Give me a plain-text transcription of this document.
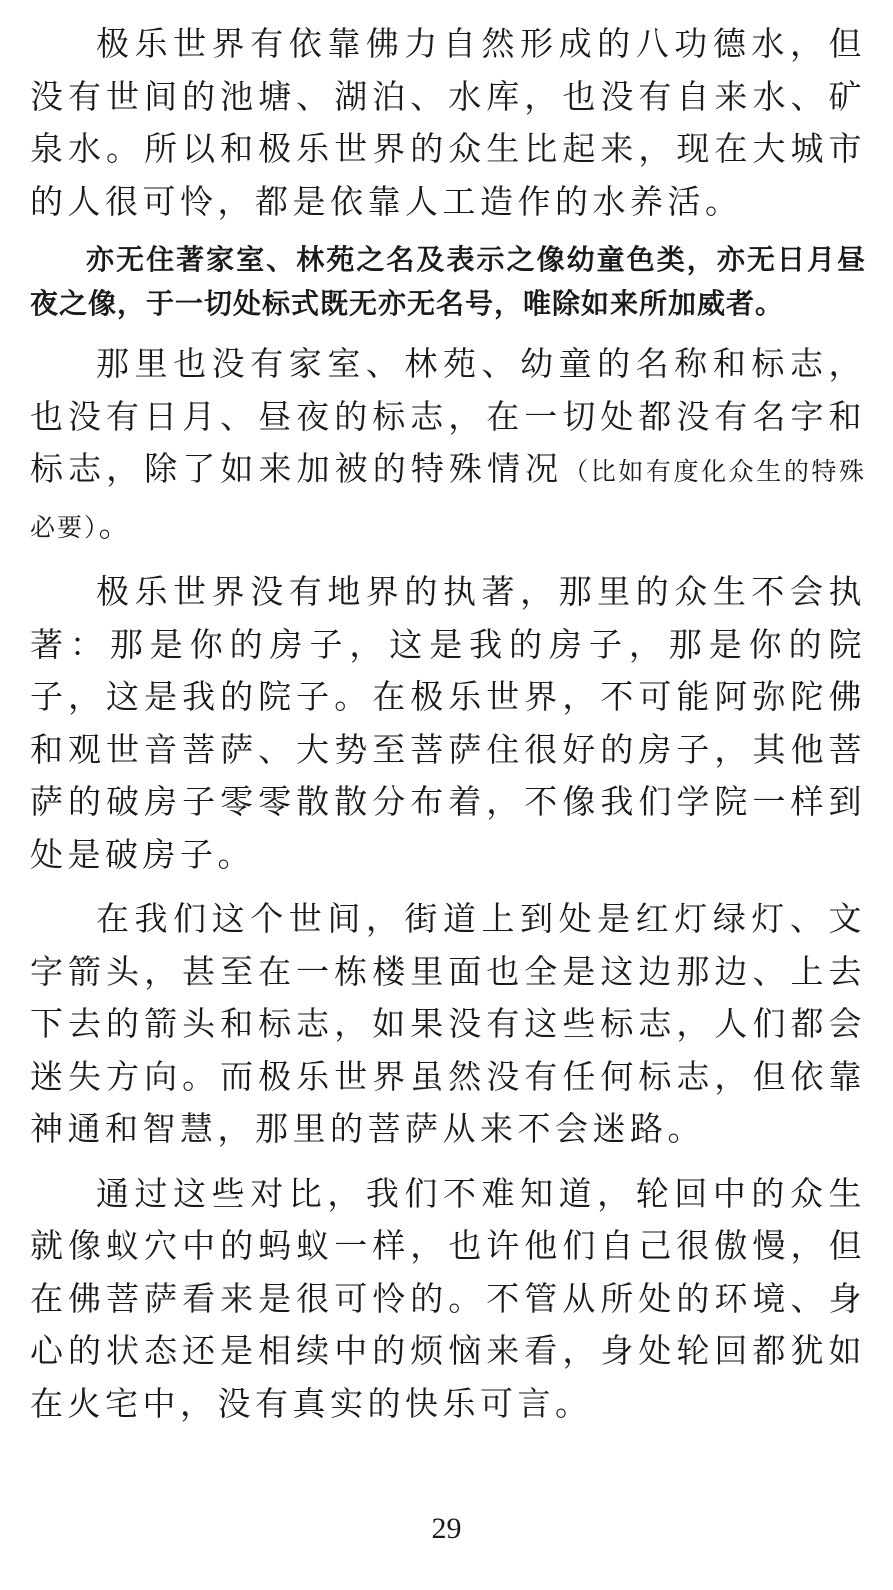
极乐世界有依靠佛力自然形成的八功德水，但没有世间的池塘、湖泊、水库，也没有自来水、矿泉水。所以和极乐世界的众生比起来，现在大城市的人很可怜，都是依靠人工造作的水养活。

亦无住著家室、林苑之名及表示之像幼童色类，亦无日月昼夜之像，于一切处标式既无亦无名号，唯除如来所加威者。

那里也没有家室、林苑、幼童的名称和标志，也没有日月、昼夜的标志，在一切处都没有名字和标志，除了如来加被的特殊情况（比如有度化众生的特殊必要）。

极乐世界没有地界的执著，那里的众生不会执著：那是你的房子，这是我的房子，那是你的院子，这是我的院子。在极乐世界，不可能阿弥陀佛和观世音菩萨、大势至菩萨住很好的房子，其他菩萨的破房子零零散散分布着，不像我们学院一样到处是破房子。

在我们这个世间，街道上到处是红灯绿灯、文字箭头，甚至在一栋楼里面也全是这边那边、上去下去的箭头和标志，如果没有这些标志，人们都会迷失方向。而极乐世界虽然没有任何标志，但依靠神通和智慧，那里的菩萨从来不会迷路。

通过这些对比，我们不难知道，轮回中的众生就像蚁穴中的蚂蚁一样，也许他们自己很傲慢，但在佛菩萨看来是很可怜的。不管从所处的环境、身心的状态还是相续中的烦恼来看，身处轮回都犹如在火宅中，没有真实的快乐可言。

29
